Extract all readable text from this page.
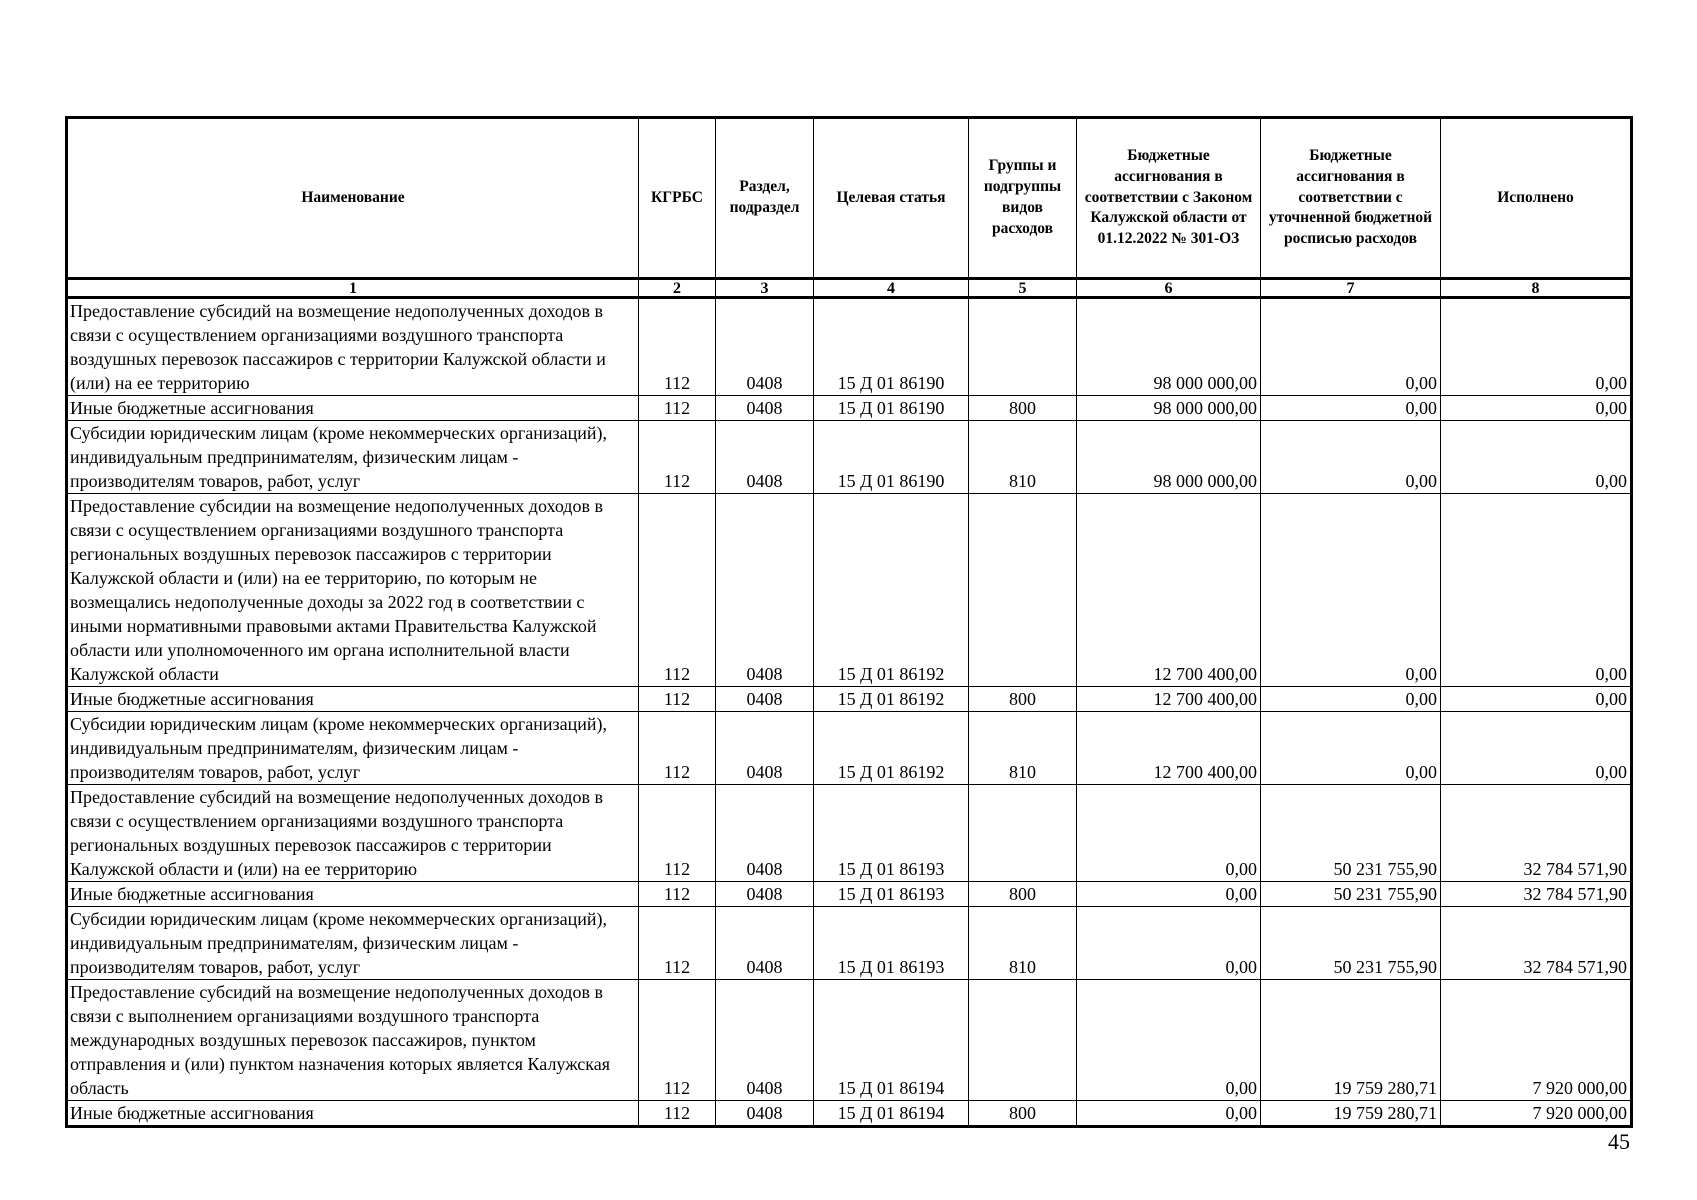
Наименование	КГРБС	Раздел, подраздел	Целевая статья	Группы и подгруппы видов расходов	Бюджетные ассигнования в соответствии с Законом Калужской области от 01.12.2022 № 301-ОЗ	Бюджетные ассигнования в соответствии с уточненной бюджетной росписью расходов	Исполнено
1	2	3	4	5	6	7	8
Предоставление субсидий на возмещение недополученных доходов в связи с осуществлением организациями воздушного транспорта воздушных перевозок пассажиров с территории Калужской области и (или) на ее территорию	112	0408	15 Д 01 86190		98 000 000,00	0,00	0,00
Иные бюджетные ассигнования	112	0408	15 Д 01 86190	800	98 000 000,00	0,00	0,00
Субсидии юридическим лицам (кроме некоммерческих организаций), индивидуальным предпринимателям, физическим лицам - производителям товаров, работ, услуг	112	0408	15 Д 01 86190	810	98 000 000,00	0,00	0,00
Предоставление субсидии на возмещение недополученных доходов в связи с осуществлением организациями воздушного транспорта региональных воздушных перевозок пассажиров с территории Калужской области и (или) на ее территорию, по которым не возмещались недополученные доходы за 2022 год в соответствии с иными нормативными правовыми актами Правительства Калужской области или уполномоченного им органа исполнительной власти Калужской области	112	0408	15 Д 01 86192		12 700 400,00	0,00	0,00
Иные бюджетные ассигнования	112	0408	15 Д 01 86192	800	12 700 400,00	0,00	0,00
Субсидии юридическим лицам (кроме некоммерческих организаций), индивидуальным предпринимателям, физическим лицам - производителям товаров, работ, услуг	112	0408	15 Д 01 86192	810	12 700 400,00	0,00	0,00
Предоставление субсидий на возмещение недополученных доходов в связи с осуществлением организациями воздушного транспорта региональных воздушных перевозок пассажиров с территории Калужской области и (или) на ее территорию	112	0408	15 Д 01 86193		0,00	50 231 755,90	32 784 571,90
Иные бюджетные ассигнования	112	0408	15 Д 01 86193	800	0,00	50 231 755,90	32 784 571,90
Субсидии юридическим лицам (кроме некоммерческих организаций), индивидуальным предпринимателям, физическим лицам - производителям товаров, работ, услуг	112	0408	15 Д 01 86193	810	0,00	50 231 755,90	32 784 571,90
Предоставление субсидий на возмещение недополученных доходов в связи с выполнением организациями воздушного транспорта международных воздушных перевозок пассажиров, пунктом отправления и (или) пунктом назначения которых является Калужская область	112	0408	15 Д 01 86194		0,00	19 759 280,71	7 920 000,00
Иные бюджетные ассигнования	112	0408	15 Д 01 86194	800	0,00	19 759 280,71	7 920 000,00
45
